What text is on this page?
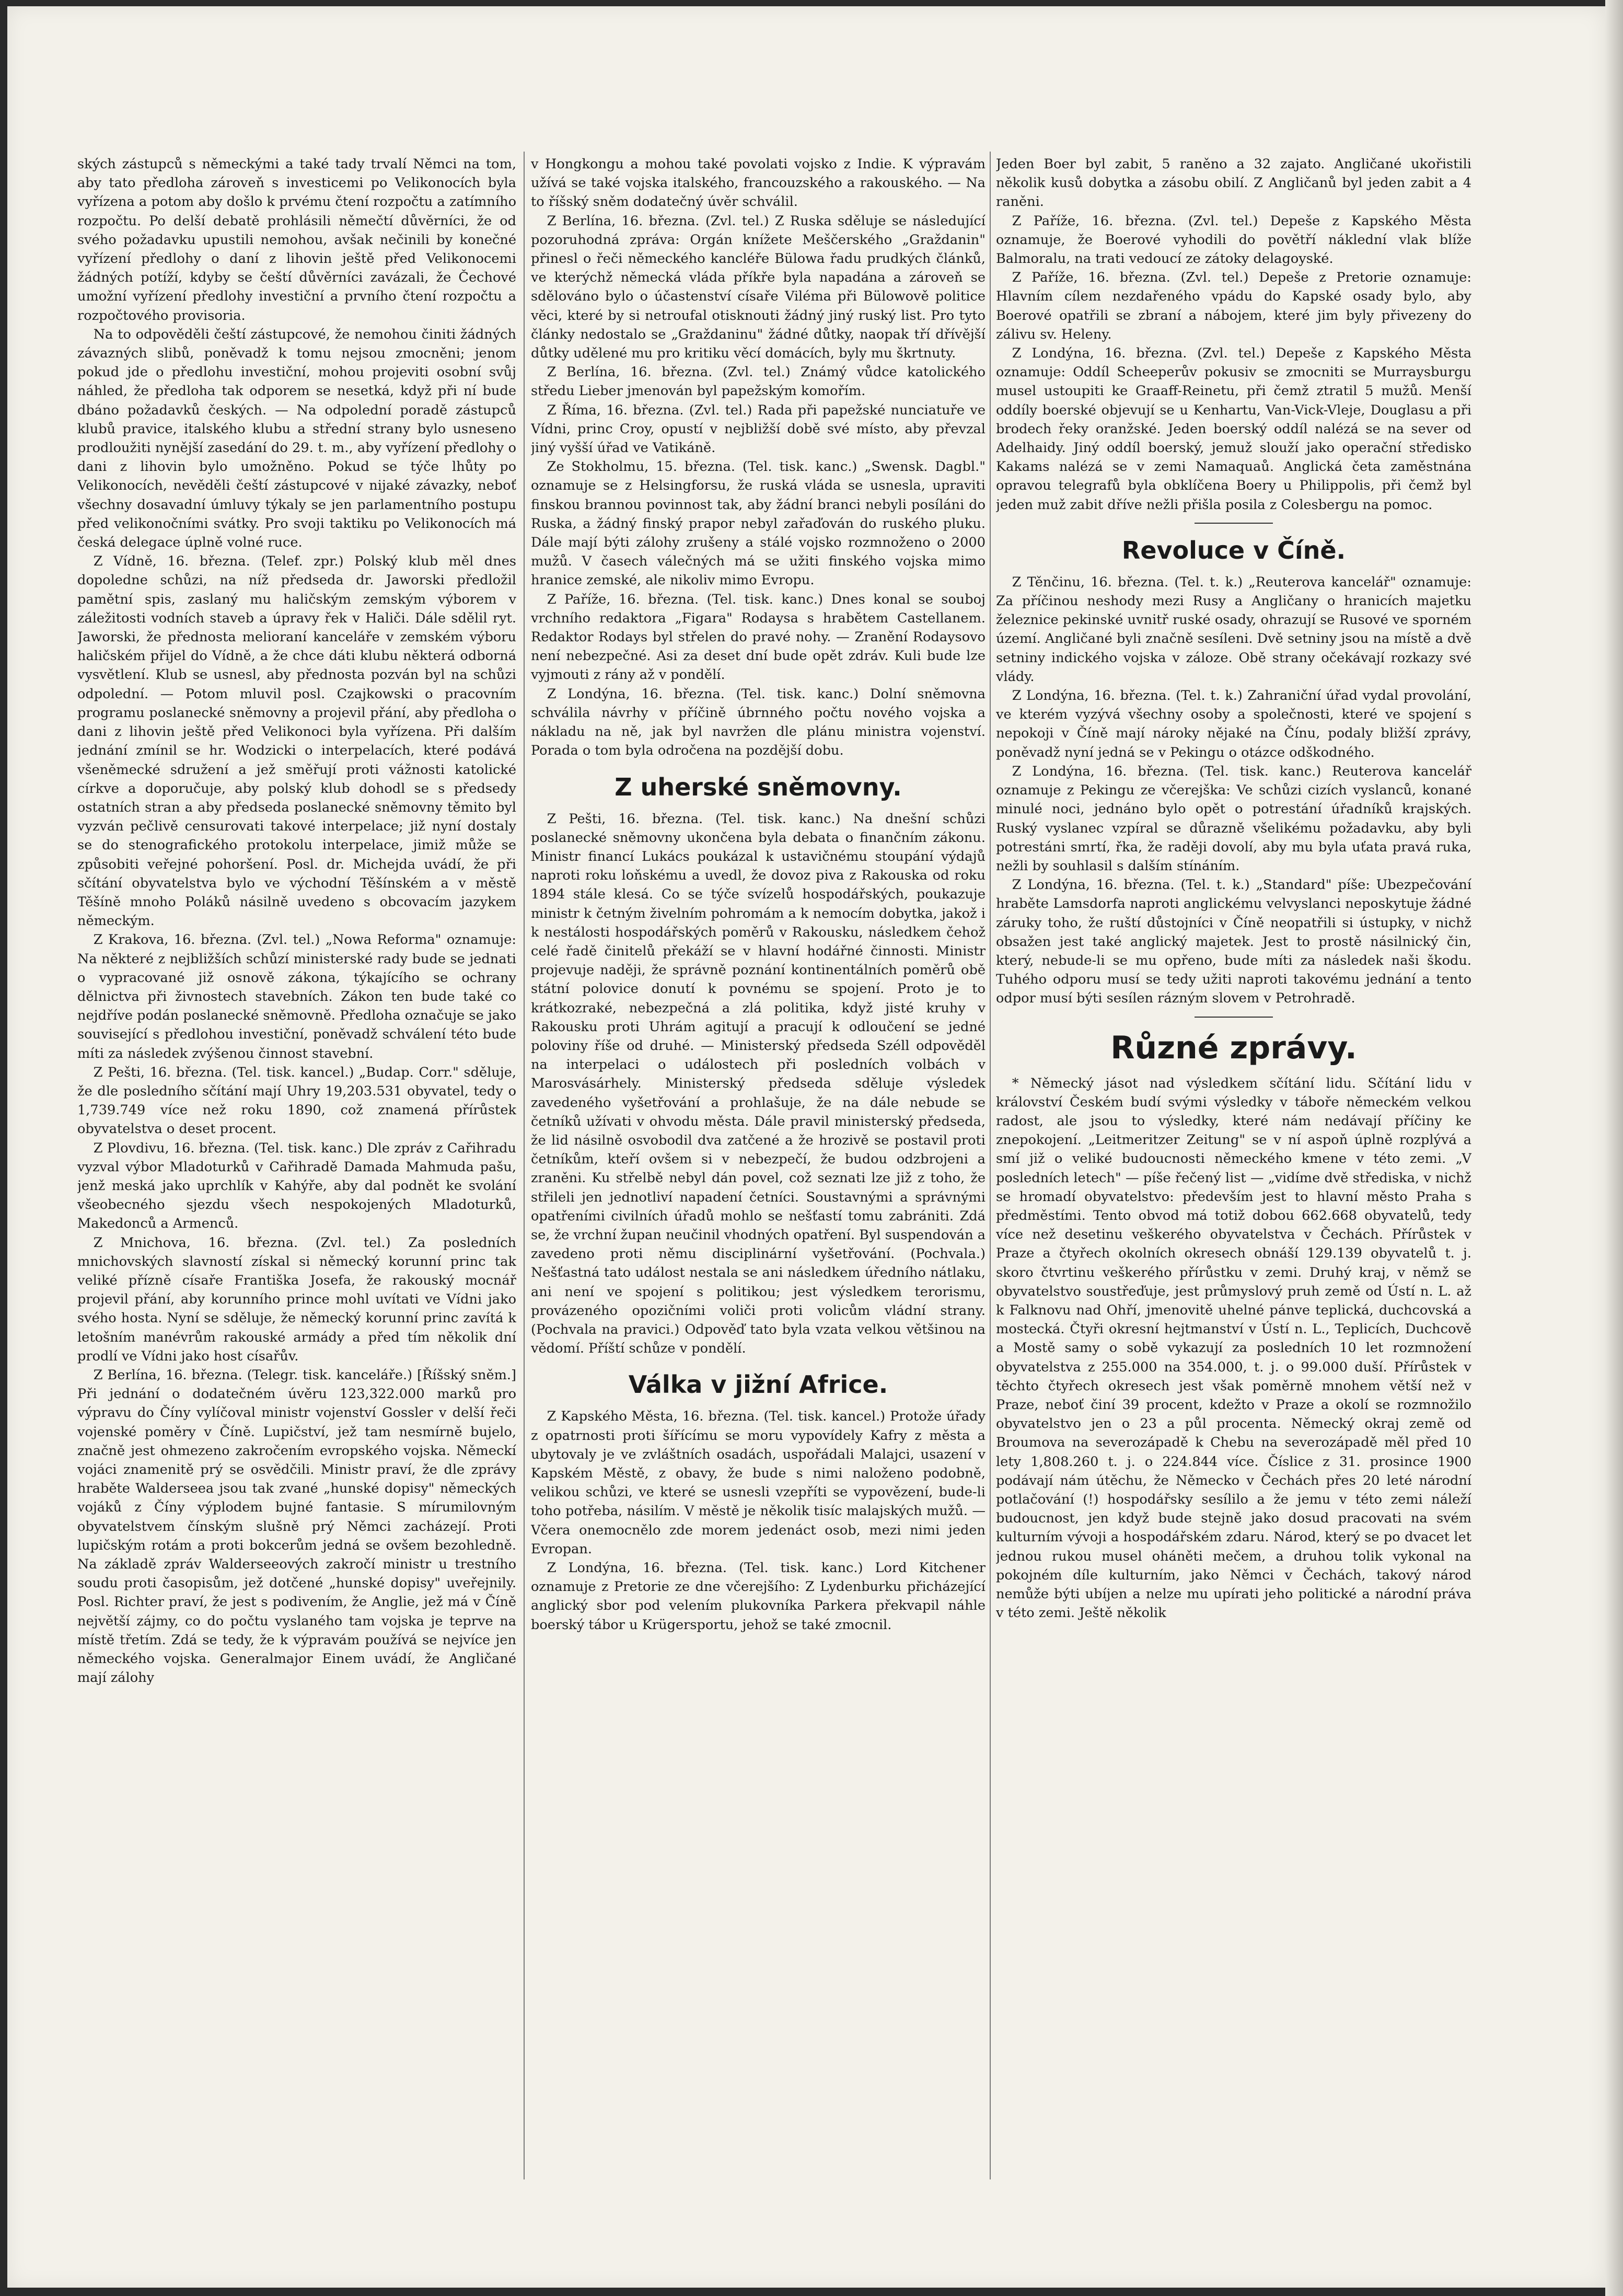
ských zástupců s německými a také tady trvalí Němci na tom, aby tato předloha zároveň s investicemi po Velikonocích byla vyřízena a potom aby došlo k prvému čtení rozpočtu a zatímního rozpočtu. Po delší debatě prohlásili němečtí důvěrníci, že od svého požadavku upustili nemohou, avšak nečinili by konečné vyřízení předlohy o daní z lihovin ještě před Velikonocemi žádných potíží, kdyby se čeští důvěrníci zavázali, že Čechové umožní vyřízení předlohy investiční a prvního čtení rozpočtu a rozpočtového provisoria.

Na to odpověděli čeští zástupcové, že nemohou činiti žádných závazných slibů, poněvadž k tomu nejsou zmocněni; jenom pokud jde o předlohu investiční, mohou projeviti osobní svůj náhled, že předloha tak odporem se nesetká, když při ní bude dbáno požadavků českých. — Na odpolední poradě zástupců klubů pravice, italského klubu a střední strany bylo usneseno prodloužiti nynější zasedání do 29. t. m., aby vyřízení předlohy o dani z lihovin bylo umožněno. Pokud se týče lhůty po Velikonocích, nevěděli čeští zástupcové v nijaké závazky, neboť všechny dosavadní úmluvy týkaly se jen parlamentního postupu před velikonočními svátky. Pro svoji taktiku po Velikonocích má česká delegace úplně volné ruce.

Z Vídně, 16. března. (Telef. zpr.) Polský klub měl dnes dopoledne schůzi, na níž předseda dr. Jaworski předložil pamětní spis, zaslaný mu haličským zemským výborem v záležitosti vodních staveb a úpravy řek v Haliči. Dále sdělil ryt. Jaworski, že přednosta melioraní kanceláře v zemském výboru haličském přijel do Vídně, a že chce dáti klubu některá odborná vysvětlení. Klub se usnesl, aby přednosta pozván byl na schůzi odpolední. — Potom mluvil posl. Czajkowski o pracovním programu poslanecké sněmovny a projevil přání, aby předloha o dani z lihovin ještě před Velikonoci byla vyřízena. Při dalším jednání zmínil se hr. Wodzicki o interpelacích, které podává všeněmecké sdružení a jež směřují proti vážnosti katolické církve a doporučuje, aby polský klub dohodl se s předsedy ostatních stran a aby předseda poslanecké sněmovny těmito byl vyzván pečlivě censurovati takové interpelace; již nyní dostaly se do stenografického protokolu interpelace, jimiž může se způsobiti veřejné pohoršení. Posl. dr. Michejda uvádí, že při sčítání obyvatelstva bylo ve východní Těšínském a v městě Těšíně mnoho Poláků násilně uvedeno s obcovacím jazykem německým.

Z Krakova, 16. března. (Zvl. tel.) „Nowa Reforma" oznamuje: Na některé z nejbližších schůzí ministerské rady bude se jednati o vypracované již osnově zákona, týkajícího se ochrany dělnictva při živnostech stavebních. Zákon ten bude také co nejdříve podán poslanecké sněmovně. Předloha označuje se jako související s předlohou investiční, poněvadž schválení této bude míti za následek zvýšenou činnost stavební.

Z Pešti, 16. března. (Tel. tisk. kancel.) „Budap. Corr." sděluje, že dle posledního sčítání mají Uhry 19,203.531 obyvatel, tedy o 1,739.749 více než roku 1890, což znamená přírůstek obyvatelstva o deset procent.

Z Plovdivu, 16. března. (Tel. tisk. kanc.) Dle zpráv z Cařihradu vyzval výbor Mladoturků v Cařihradě Damada Mahmuda pašu, jenž meská jako uprchlík v Kahýře, aby dal podnět ke svolání všeobecného sjezdu všech nespokojených Mladoturků, Makedonců a Armenců.

Z Mnichova, 16. března. (Zvl. tel.) Za posledních mnichovských slavností získal si německý korunní princ tak veliké přízně císaře Františka Josefa, že rakouský mocnář projevil přání, aby korunního prince mohl uvítati ve Vídni jako svého hosta. Nyní se sděluje, že německý korunní princ zavítá k letošním manévrům rakouské armády a před tím několik dní prodlí ve Vídni jako host císařův.

Z Berlína, 16. března. (Telegr. tisk. kanceláře.) [Říšský sněm.] Při jednání o dodatečném úvěru 123,322.000 marků pro výpravu do Číny vylíčoval ministr vojenství Gossler v delší řeči vojenské poměry v Číně. Lupičství, jež tam nesmírně bujelo, značně jest ohmezeno zakročením evropského vojska. Německí vojáci znamenitě prý se osvědčili. Ministr praví, že dle zprávy hraběte Walderseea jsou tak zvané „hunské dopisy" německých vojáků z Číny výplodem bujné fantasie. S mírumilovným obyvatelstvem čínským slušně prý Němci zacházejí. Proti lupičským rotám a proti bokcerům jedná se ovšem bezohledně. Na základě zpráv Walderseeových zakročí ministr u trestního soudu proti časopisům, jež dotčené „hunské dopisy" uveřejnily. Posl. Richter praví, že jest s podivením, že Anglie, jež má v Číně největší zájmy, co do počtu vyslaného tam vojska je teprve na místě třetím. Zdá se tedy, že k výpravám používá se nejvíce jen německého vojska. Generalmajor Einem uvádí, že Angličané mají zálohy

v Hongkongu a mohou také povolati vojsko z Indie. K výpravám užívá se také vojska italského, francouzského a rakouského. — Na to říšský sněm dodatečný úvěr schválil.

Z Berlína, 16. března. (Zvl. tel.) Z Ruska sděluje se následující pozoruhodná zpráva: Orgán knížete Meščerského „Graždanin" přinesl o řeči německého kancléře Bülowa řadu prudkých článků, ve kterýchž německá vláda příkře byla napadána a zároveň se sdělováno bylo o účastenství císaře Viléma při Bülowově politice věci, které by si netroufal otisknouti žádný jiný ruský list. Pro tyto články nedostalo se „Graždaninu" žádné důtky, naopak tří dřívější důtky udělené mu pro kritiku věcí domácích, byly mu škrtnuty.

Z Berlína, 16. března. (Zvl. tel.) Známý vůdce katolického středu Lieber jmenován byl papežským komořím.

Z Říma, 16. března. (Zvl. tel.) Rada při papežské nunciatuře ve Vídni, princ Croy, opustí v nejbližší době své místo, aby převzal jiný vyšší úřad ve Vatikáně.

Ze Stokholmu, 15. března. (Tel. tisk. kanc.) „Swensk. Dagbl." oznamuje se z Helsingforsu, že ruská vláda se usnesla, upraviti finskou brannou povinnost tak, aby žádní branci nebyli posíláni do Ruska, a žádný finský prapor nebyl zařaďován do ruského pluku. Dále mají býti zálohy zrušeny a stálé vojsko rozmnoženo o 2000 mužů. V časech válečných má se užiti finského vojska mimo hranice zemské, ale nikoliv mimo Evropu.

Z Paříže, 16. března. (Tel. tisk. kanc.) Dnes konal se souboj vrchního redaktora „Figara" Rodaysa s hrabětem Castellanem. Redaktor Rodays byl střelen do pravé nohy. — Zranění Rodaysovo není nebezpečné. Asi za deset dní bude opět zdráv. Kuli bude lze vyjmouti z rány až v pondělí.

Z Londýna, 16. března. (Tel. tisk. kanc.) Dolní sněmovna schválila návrhy v příčině úbrnného počtu nového vojska a nákladu na ně, jak byl navržen dle plánu ministra vojenství. Porada o tom byla odročena na pozdější dobu.

Z uherské sněmovny.

Z Pešti, 16. března. (Tel. tisk. kanc.) Na dnešní schůzi poslanecké sněmovny ukončena byla debata o finančním zákonu. Ministr financí Lukács poukázal k ustavičnému stoupání výdajů naproti roku loňskému a uvedl, že dovoz piva z Rakouska od roku 1894 stále klesá. Co se týče svízelů hospodářských, poukazuje ministr k četným živelním pohromám a k nemocím dobytka, jakož i k nestálosti hospodářských poměrů v Rakousku, následkem čehož celé řadě činitelů překáží se v hlavní hodářné činnosti. Ministr projevuje naději, že správně poznání kontinentálních poměrů obě státní polovice donutí k povnému se spojení. Proto je to krátkozraké, nebezpečná a zlá politika, když jisté kruhy v Rakousku proti Uhrám agitují a pracují k odloučení se jedné poloviny říše od druhé. — Ministerský předseda Széll odpověděl na interpelaci o událostech při posledních volbách v Marosvásárhely. Ministerský předseda sděluje výsledek zavedeného vyšetřování a prohlašuje, že na dále nebude se četníků užívati v ohvodu města. Dále pravil ministerský předseda, že lid násilně osvobodil dva zatčené a že hrozivě se postavil proti četníkům, kteří ovšem si v nebezpečí, že budou odzbrojeni a zraněni. Ku střelbě nebyl dán povel, což seznati lze již z toho, že střileli jen jednotliví napadení četníci. Soustavnými a správnými opatřeními civilních úřadů mohlo se nešťastí tomu zabrániti. Zdá se, že vrchní župan neučinil vhodných opatření. Byl suspendován a zavedeno proti němu disciplinární vyšetřování. (Pochvala.) Nešťastná tato událost nestala se ani následkem úředního nátlaku, ani není ve spojení s politikou; jest výsledkem terorismu, provázeného opozičními voliči proti volicům vládní strany. (Pochvala na pravici.) Odpověď tato byla vzata velkou většinou na vědomí. Příští schůze v pondělí.

Válka v jižní Africe.

Z Kapského Města, 16. března. (Tel. tisk. kancel.) Protože úřady z opatrnosti proti šířícímu se moru vypovídely Kafry z města a ubytovaly je ve zvláštních osadách, uspořádali Malajci, usazení v Kapském Městě, z obavy, že bude s nimi naloženo podobně, velikou schůzi, ve které se usnesli vzepříti se vypovězení, bude-li toho potřeba, násilím. V městě je několik tisíc malajských mužů. — Včera onemocnělo zde morem jedenáct osob, mezi nimi jeden Evropan.

Z Londýna, 16. března. (Tel. tisk. kanc.) Lord Kitchener oznamuje z Pretorie ze dne včerejšího: Z Lydenburku přicházející anglický sbor pod velením plukovníka Parkera překvapil náhle boerský tábor u Krügersportu, jehož se také zmocnil.

Jeden Boer byl zabit, 5 raněno a 32 zajato. Angličané ukořistili několik kusů dobytka a zásobu obilí. Z Angličanů byl jeden zabit a 4 raněni.

Z Paříže, 16. března. (Zvl. tel.) Depeše z Kapského Města oznamuje, že Boerové vyhodili do povětří náklední vlak blíže Balmoralu, na trati vedoucí ze zátoky delagoyské.

Z Paříže, 16. března. (Zvl. tel.) Depeše z Pretorie oznamuje: Hlavním cílem nezdařeného vpádu do Kapské osady bylo, aby Boerové opatřili se zbraní a nábojem, které jim byly přivezeny do zálivu sv. Heleny.

Z Londýna, 16. března. (Zvl. tel.) Depeše z Kapského Města oznamuje: Oddíl Scheeperův pokusiv se zmocniti se Murraysburgu musel ustoupiti ke Graaff-Reinetu, při čemž ztratil 5 mužů. Menší oddíly boerské objevují se u Kenhartu, Van-Vick-Vleje, Douglasu a při brodech řeky oranžské. Jeden boerský oddíl nalézá se na sever od Adelhaidy. Jiný oddíl boerský, jemuž slouží jako operační středisko Kakams nalézá se v zemi Namaquaů. Anglická četa zaměstnána opravou telegrafů byla obklíčena Boery u Philippolis, při čemž byl jeden muž zabit dříve nežli přišla posila z Colesbergu na pomoc.

Revoluce v Číně.

Z Těnčinu, 16. března. (Tel. t. k.) „Reuterova kancelář" oznamuje: Za příčinou neshody mezi Rusy a Angličany o hranicích majetku železnice pekinské uvnitř ruské osady, ohrazují se Rusové ve sporném území. Angličané byli značně sesíleni. Dvě setniny jsou na místě a dvě setniny indického vojska v záloze. Obě strany očekávají rozkazy své vlády.

Z Londýna, 16. března. (Tel. t. k.) Zahraniční úřad vydal provolání, ve kterém vyzývá všechny osoby a společnosti, které ve spojení s nepokoji v Číně mají nároky nějaké na Čínu, podaly bližší zprávy, poněvadž nyní jedná se v Pekingu o otázce odškodného.

Z Londýna, 16. března. (Tel. tisk. kanc.) Reuterova kancelář oznamuje z Pekingu ze včerejška: Ve schůzi cizích vyslanců, konané minulé noci, jednáno bylo opět o potrestání úřadníků krajských. Ruský vyslanec vzpíral se důrazně všelikému požadavku, aby byli potrestáni smrtí, řka, že raději dovolí, aby mu byla uťata pravá ruka, nežli by souhlasil s dalším stínáním.

Z Londýna, 16. března. (Tel. t. k.) „Standard" píše: Ubezpečování hraběte Lamsdorfa naproti anglickému velvyslanci neposkytuje žádné záruky toho, že ruští důstojníci v Číně neopatřili si ústupky, v nichž obsažen jest také anglický majetek. Jest to prostě násilnický čin, který, nebude-li se mu opřeno, bude míti za následek naši škodu. Tuhého odporu musí se tedy užiti naproti takovému jednání a tento odpor musí býti sesílen rázným slovem v Petrohradě.

Různé zprávy.

* Německý jásot nad výsledkem sčítání lidu. Sčítání lidu v království Českém budí svými výsledky v táboře německém velkou radost, ale jsou to výsledky, které nám nedávají příčiny ke znepokojení. „Leitmeritzer Zeitung" se v ní aspoň úplně rozplývá a smí již o veliké budoucnosti německého kmene v této zemi. „V posledních letech" — píše řečený list — „vidíme dvě střediska, v nichž se hromadí obyvatelstvo: především jest to hlavní město Praha s předměstími. Tento obvod má totiž dobou 662.668 obyvatelů, tedy více než desetinu veškerého obyvatelstva v Čechách. Přírůstek v Praze a čtyřech okolních okresech obnáší 129.139 obyvatelů t. j. skoro čtvrtinu veškerého přírůstku v zemi. Druhý kraj, v němž se obyvatelstvo soustřeďuje, jest průmyslový pruh země od Ústí n. L. až k Falknovu nad Ohří, jmenovitě uhelné pánve teplická, duchcovská a mostecká. Čtyři okresní hejtmanství v Ústí n. L., Teplicích, Duchcově a Mostě samy o sobě vykazují za posledních 10 let rozmnožení obyvatelstva z 255.000 na 354.000, t. j. o 99.000 duší. Přírůstek v těchto čtyřech okresech jest však poměrně mnohem větší než v Praze, neboť činí 39 procent, kdežto v Praze a okolí se rozmnožilo obyvatelstvo jen o 23 a půl procenta. Německý okraj země od Broumova na severozápadě k Chebu na severozápadě měl před 10 lety 1,808.260 t. j. o 224.844 více. Číslice z 31. prosince 1900 podávají nám útěchu, že Německo v Čechách přes 20 leté národní potlačování (!) hospodářsky sesílilo a že jemu v této zemi náleží budoucnost, jen když bude stejně jako dosud pracovati na svém kulturním vývoji a hospodářském zdaru. Národ, který se po dvacet let jednou rukou musel oháněti mečem, a druhou tolik vykonal na pokojném díle kulturním, jako Němci v Čechách, takový národ nemůže býti ubíjen a nelze mu upírati jeho politické a národní práva v této zemi. Ještě několik
